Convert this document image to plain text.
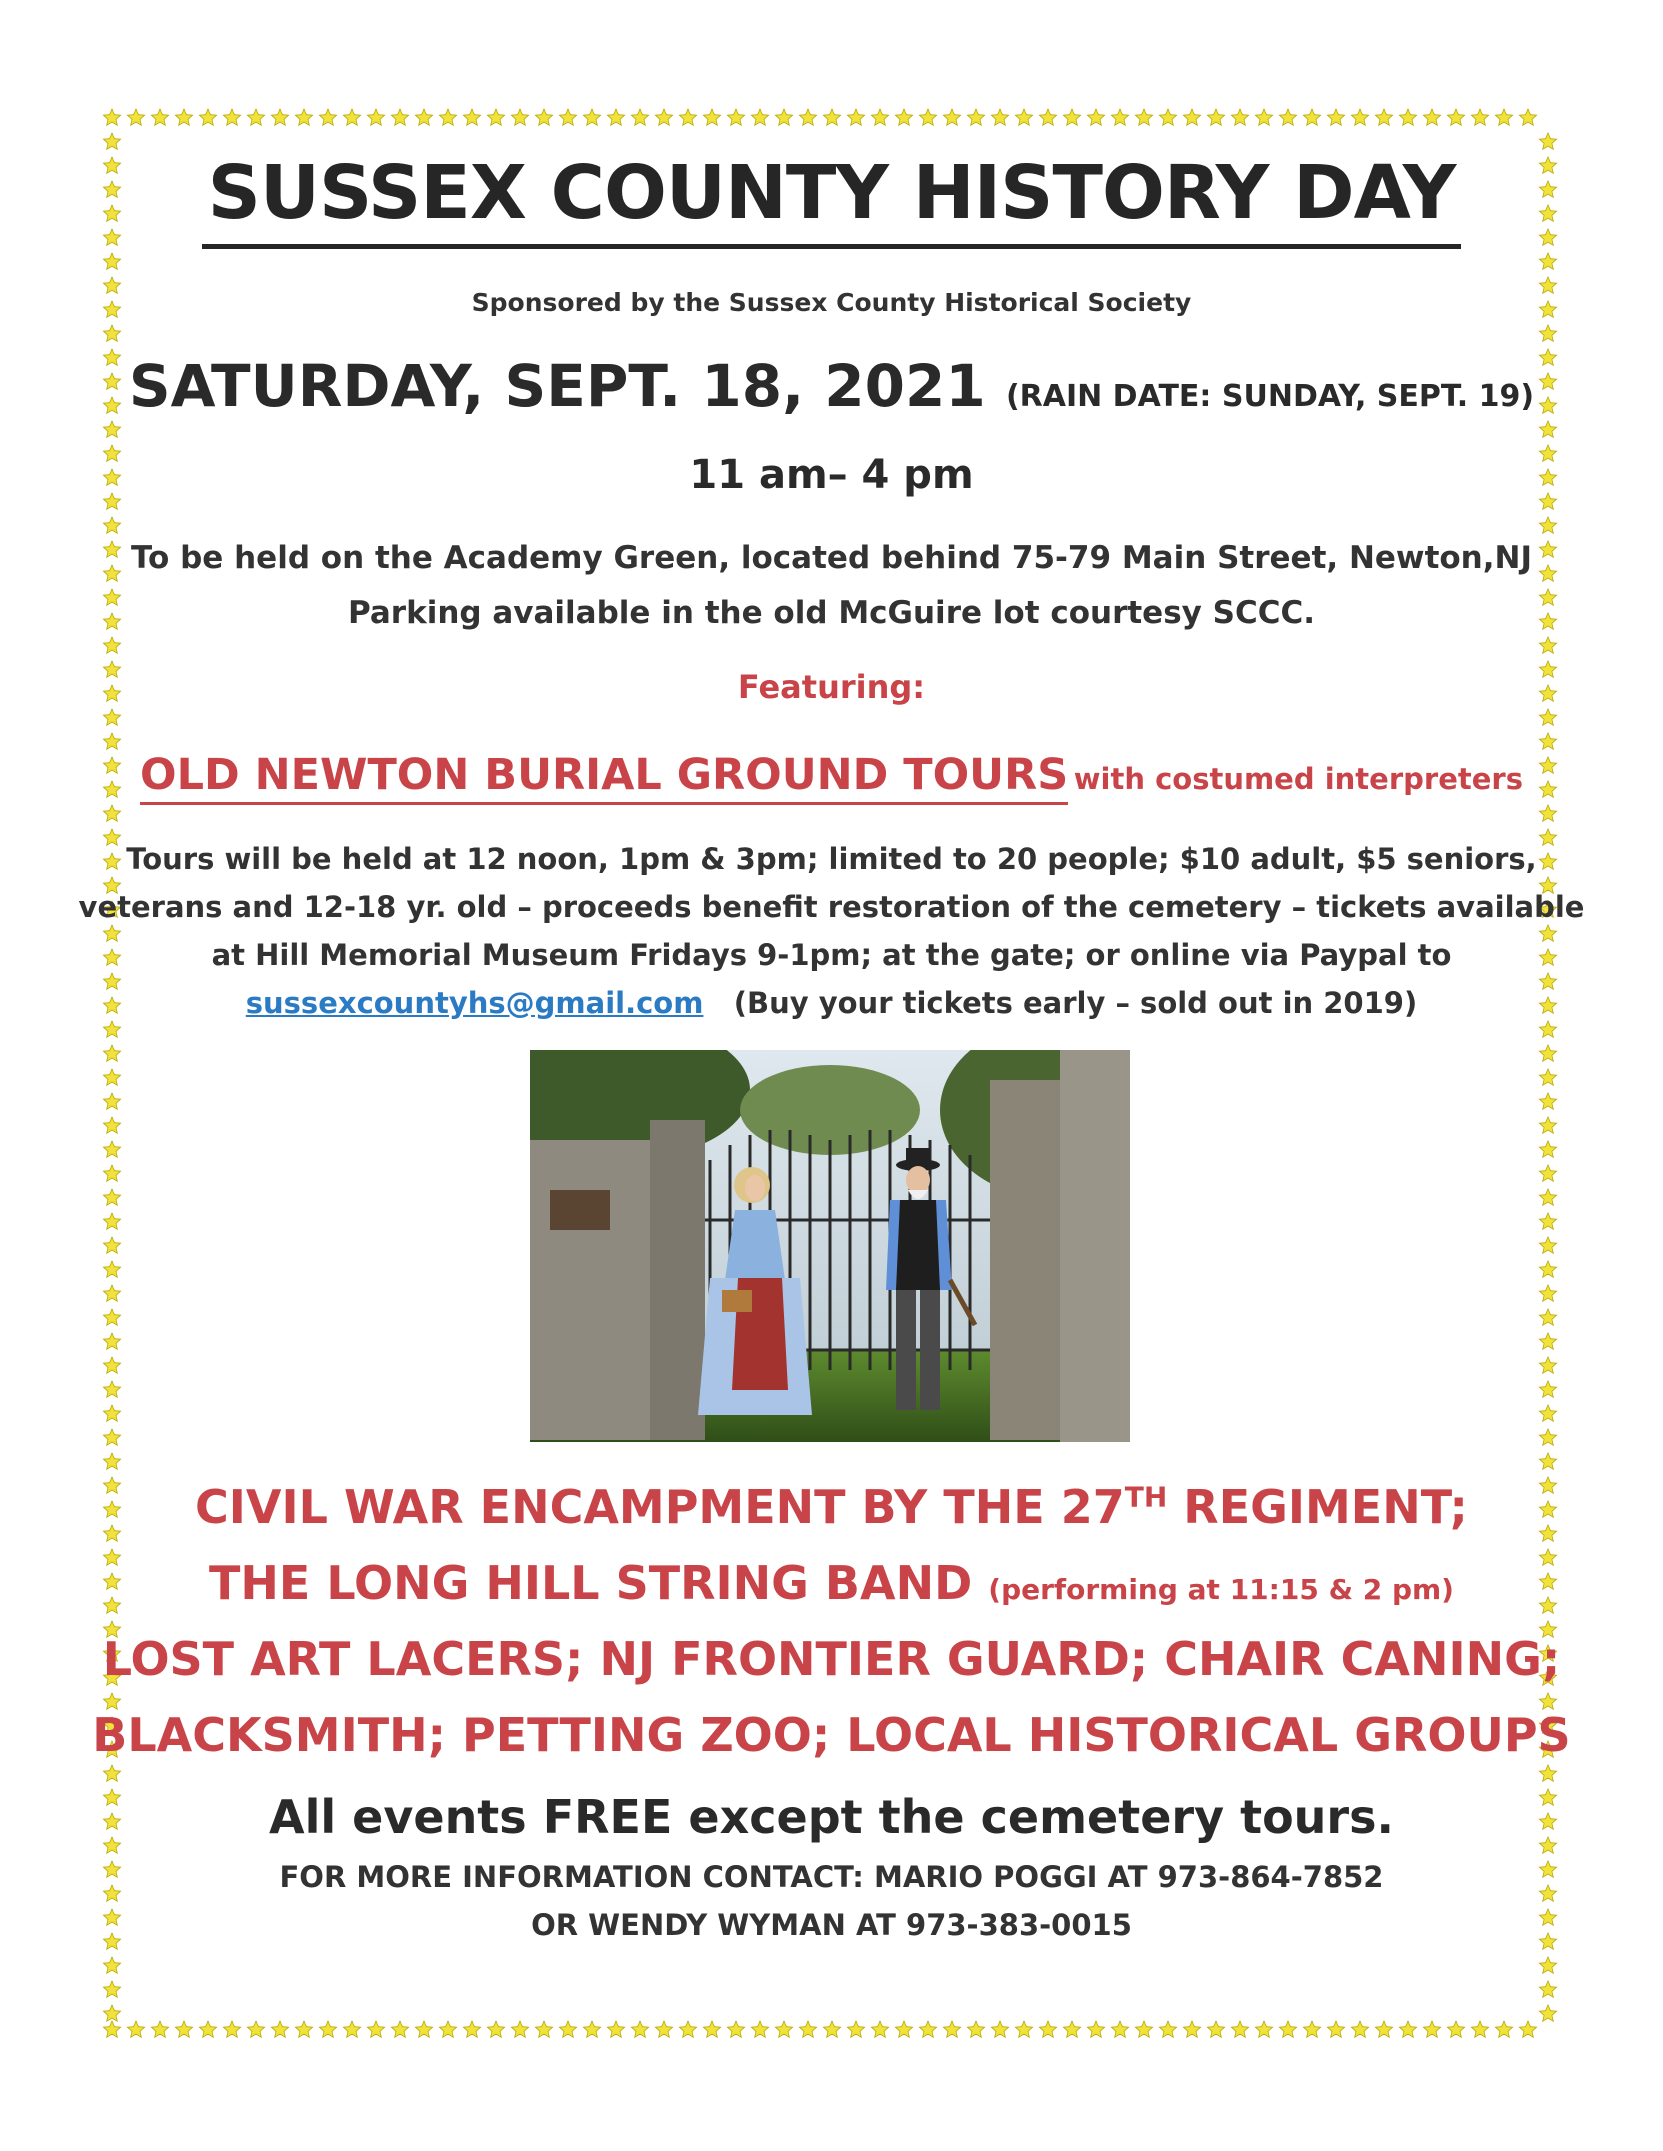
SUSSEX COUNTY HISTORY DAY
Sponsored by the Sussex County Historical Society
SATURDAY, SEPT. 18, 2021 (RAIN DATE: SUNDAY, SEPT. 19)
11 am– 4 pm
To be held on the Academy Green, located behind 75-79 Main Street, Newton,NJ
Parking available in the old McGuire lot courtesy SCCC.
Featuring:
OLD NEWTON BURIAL GROUND TOURS with costumed interpreters
Tours will be held at 12 noon, 1pm & 3pm; limited to 20 people; $10 adult, $5 seniors,
veterans and 12-18 yr. old – proceeds benefit restoration of the cemetery – tickets available
at Hill Memorial Museum Fridays 9-1pm; at the gate; or online via Paypal to
sussexcountyhs@gmail.com (Buy your tickets early – sold out in 2019)
CIVIL WAR ENCAMPMENT BY THE 27TH REGIMENT;
THE LONG HILL STRING BAND (performing at 11:15 & 2 pm)
LOST ART LACERS; NJ FRONTIER GUARD; CHAIR CANING;
BLACKSMITH; PETTING ZOO; LOCAL HISTORICAL GROUPS
All events FREE except the cemetery tours.
FOR MORE INFORMATION CONTACT: MARIO POGGI AT 973-864-7852
OR WENDY WYMAN AT 973-383-0015
